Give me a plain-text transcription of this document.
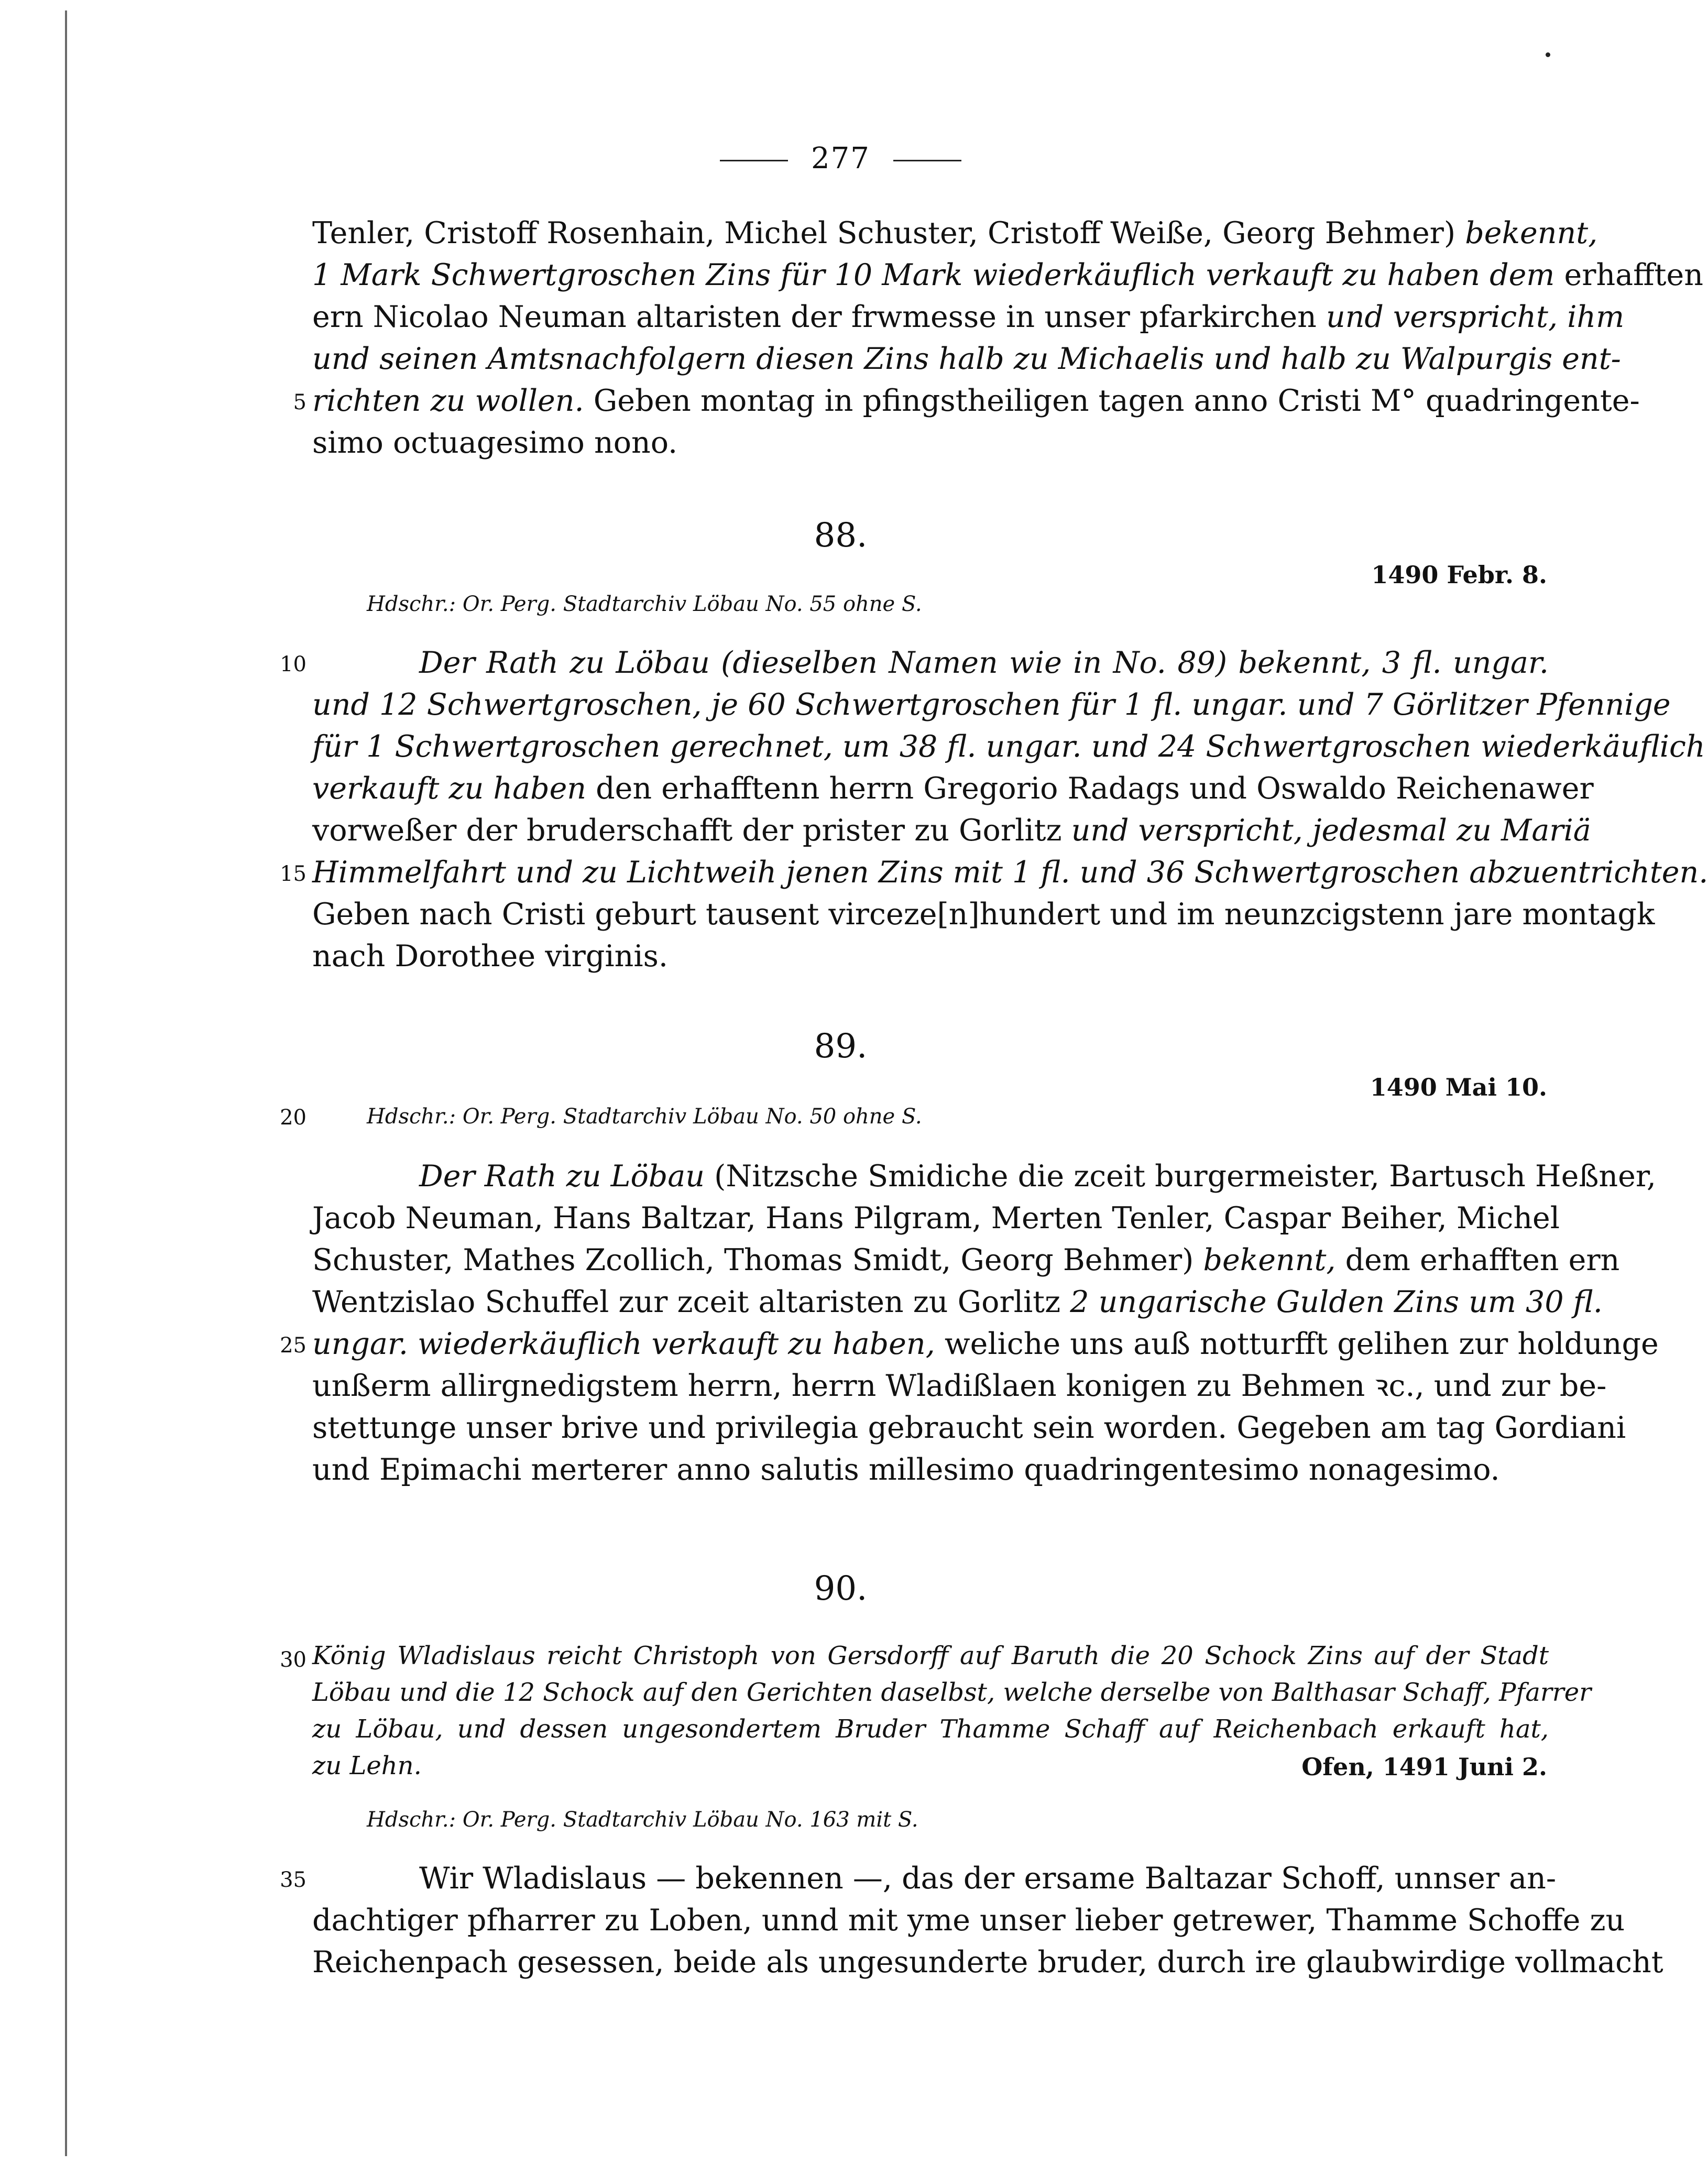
277
Tenler, Cristoff Rosenhain, Michel Schuster, Cristoff Weiße, Georg Behmer) bekennt,
1 Mark Schwertgroschen Zins für 10 Mark wiederkäuflich verkauft zu haben dem erhafften
ern Nicolao Neuman altaristen der frwmesse in unser pfarkirchen und verspricht, ihm
und seinen Amtsnachfolgern diesen Zins halb zu Michaelis und halb zu Walpurgis ent-
5 richten zu wollen. Geben montag in pfingstheiligen tagen anno Cristi M° quadringente-
simo octuagesimo nono.
88.
1490 Febr. 8.
Hdschr.: Or. Perg. Stadtarchiv Löbau No. 55 ohne S.
10	Der Rath zu Löbau (dieselben Namen wie in No. 89) bekennt, 3 fl. ungar.
und 12 Schwertgroschen, je 60 Schwertgroschen für 1 fl. ungar. und 7 Görlitzer Pfennige
für 1 Schwertgroschen gerechnet, um 38 fl. ungar. und 24 Schwertgroschen wiederkäuflich
verkauft zu haben den erhafftenn herrn Gregorio Radags und Oswaldo Reichenawer
vorweßer der bruderschafft der prister zu Gorlitz und verspricht, jedesmal zu Mariä
15 Himmelfahrt und zu Lichtweih jenen Zins mit 1 fl. und 36 Schwertgroschen abzuentrichten.
Geben nach Cristi geburt tausent virceze[n]hundert und im neunzcigstenn jare montagk
nach Dorothee virginis.
89.
1490 Mai 10.
20	Hdschr.: Or. Perg. Stadtarchiv Löbau No. 50 ohne S.
Der Rath zu Löbau (Nitzsche Smidiche die zceit burgermeister, Bartusch Heßner,
Jacob Neuman, Hans Baltzar, Hans Pilgram, Merten Tenler, Caspar Beiher, Michel
Schuster, Mathes Zcollich, Thomas Smidt, Georg Behmer) bekennt, dem erhafften ern
Wentzislao Schuffel zur zceit altaristen zu Gorlitz 2 ungarische Gulden Zins um 30 fl.
25 ungar. wiederkäuflich verkauft zu haben, weliche uns auß notturfft gelihen zur holdunge
unßerm allirgnedigstem herrn, herrn Wladißlaen konigen zu Behmen ꝛc., und zur be-
stettunge unser brive und privilegia gebraucht sein worden. Gegeben am tag Gordiani
und Epimachi merterer anno salutis millesimo quadringentesimo nonagesimo.
90.
30 König Wladislaus reicht Christoph von Gersdorff auf Baruth die 20 Schock Zins auf der Stadt
Löbau und die 12 Schock auf den Gerichten daselbst, welche derselbe von Balthasar Schaff, Pfarrer
zu Löbau, und dessen ungesondertem Bruder Thamme Schaff auf Reichenbach erkauft hat,
zu Lehn.	Ofen, 1491 Juni 2.
Hdschr.: Or. Perg. Stadtarchiv Löbau No. 163 mit S.
35	Wir Wladislaus — bekennen —, das der ersame Baltazar Schoff, unnser an-
dachtiger pfharrer zu Loben, unnd mit yme unser lieber getrewer, Thamme Schoffe zu
Reichenpach gesessen, beide als ungesunderte bruder, durch ire glaubwirdige vollmacht
